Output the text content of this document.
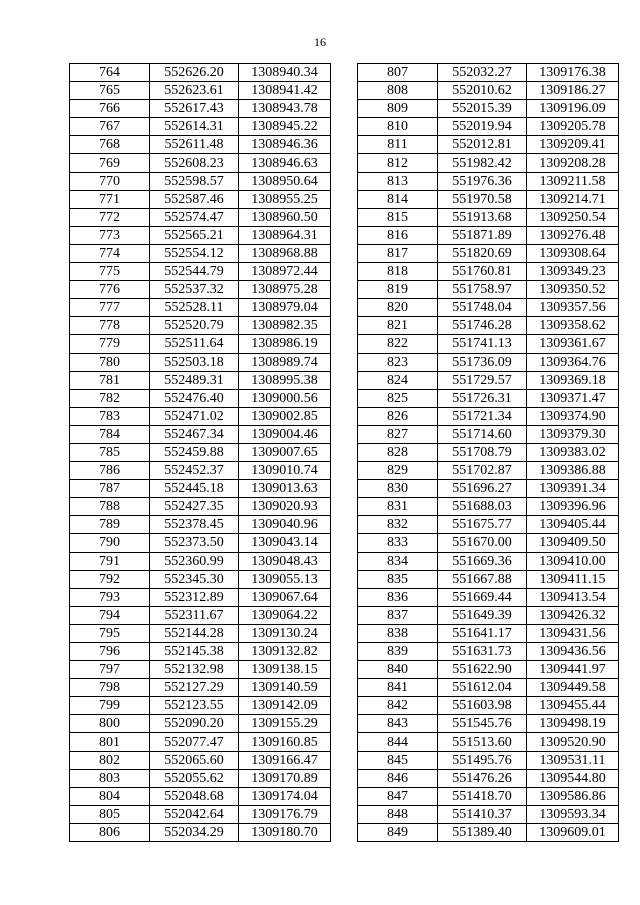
16
764	552626.20	1308940.34
765	552623.61	1308941.42
766	552617.43	1308943.78
767	552614.31	1308945.22
768	552611.48	1308946.36
769	552608.23	1308946.63
770	552598.57	1308950.64
771	552587.46	1308955.25
772	552574.47	1308960.50
773	552565.21	1308964.31
774	552554.12	1308968.88
775	552544.79	1308972.44
776	552537.32	1308975.28
777	552528.11	1308979.04
778	552520.79	1308982.35
779	552511.64	1308986.19
780	552503.18	1308989.74
781	552489.31	1308995.38
782	552476.40	1309000.56
783	552471.02	1309002.85
784	552467.34	1309004.46
785	552459.88	1309007.65
786	552452.37	1309010.74
787	552445.18	1309013.63
788	552427.35	1309020.93
789	552378.45	1309040.96
790	552373.50	1309043.14
791	552360.99	1309048.43
792	552345.30	1309055.13
793	552312.89	1309067.64
794	552311.67	1309064.22
795	552144.28	1309130.24
796	552145.38	1309132.82
797	552132.98	1309138.15
798	552127.29	1309140.59
799	552123.55	1309142.09
800	552090.20	1309155.29
801	552077.47	1309160.85
802	552065.60	1309166.47
803	552055.62	1309170.89
804	552048.68	1309174.04
805	552042.64	1309176.79
806	552034.29	1309180.70
807	552032.27	1309176.38
808	552010.62	1309186.27
809	552015.39	1309196.09
810	552019.94	1309205.78
811	552012.81	1309209.41
812	551982.42	1309208.28
813	551976.36	1309211.58
814	551970.58	1309214.71
815	551913.68	1309250.54
816	551871.89	1309276.48
817	551820.69	1309308.64
818	551760.81	1309349.23
819	551758.97	1309350.52
820	551748.04	1309357.56
821	551746.28	1309358.62
822	551741.13	1309361.67
823	551736.09	1309364.76
824	551729.57	1309369.18
825	551726.31	1309371.47
826	551721.34	1309374.90
827	551714.60	1309379.30
828	551708.79	1309383.02
829	551702.87	1309386.88
830	551696.27	1309391.34
831	551688.03	1309396.96
832	551675.77	1309405.44
833	551670.00	1309409.50
834	551669.36	1309410.00
835	551667.88	1309411.15
836	551669.44	1309413.54
837	551649.39	1309426.32
838	551641.17	1309431.56
839	551631.73	1309436.56
840	551622.90	1309441.97
841	551612.04	1309449.58
842	551603.98	1309455.44
843	551545.76	1309498.19
844	551513.60	1309520.90
845	551495.76	1309531.11
846	551476.26	1309544.80
847	551418.70	1309586.86
848	551410.37	1309593.34
849	551389.40	1309609.01
